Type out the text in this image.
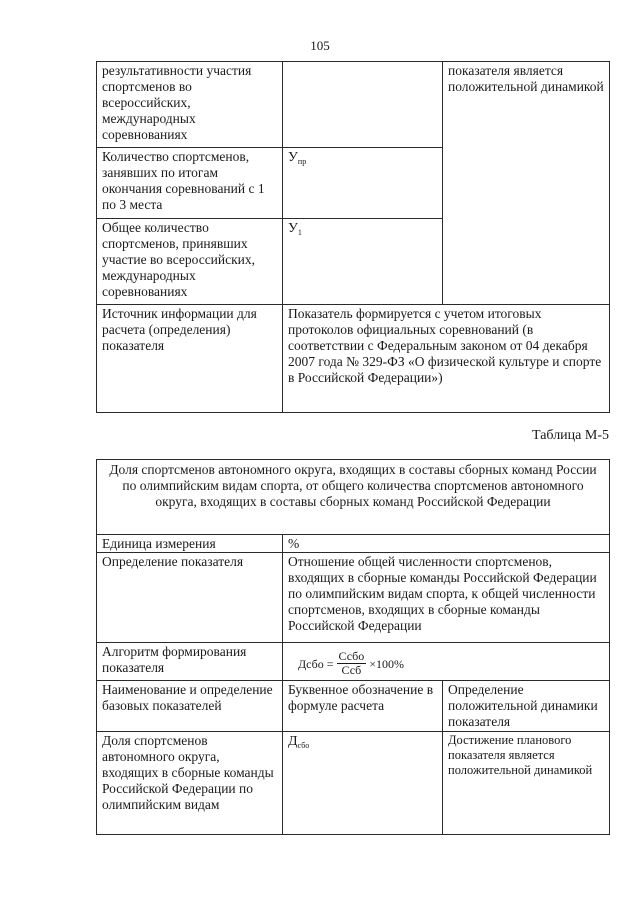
105
результативности участия спортсменов во всероссийских, международных соревнованиях		показателя является положительной динамикой
Количество спортсменов, занявших по итогам окончания соревнований с 1 по 3 места	$У_{пр}$
Общее количество спортсменов, принявших участие во всероссийских, международных соревнованиях	$У_1$
Источник информации для расчета (определения) показателя	Показатель формируется с учетом итоговых протоколов официальных соревнований (в соответствии с Федеральным законом от 04 декабря 2007 года № 329-ФЗ «О физической культуре и спорте в Российской Федерации»)	
Таблица М-5
Доля спортсменов автономного округа, входящих в составы сборных команд России по олимпийским видам спорта, от общего количества спортсменов автономного округа, входящих в составы сборных команд Российской Федерации		
Единица измерения	%	
Определение показателя	Отношение общей численности спортсменов, входящих в сборные команды Российской Федерации по олимпийским видам спорта, к общей численности спортсменов, входящих в сборные команды Российской Федерации	
Алгоритм формирования показателя	Дсбо = $\frac{\text{Ссбо}}{\text{Ссб}} \times 100\%$	

Наименование и определение базовых показателей	Буквенное обозначение в формуле расчета	Определение положительной динамики показателя
Доля спортсменов автономного округа, входящих в сборные команды Российской Федерации по олимпийским видам	$Д_{сбо}$	Достижение планового показателя является положительной динамикой
